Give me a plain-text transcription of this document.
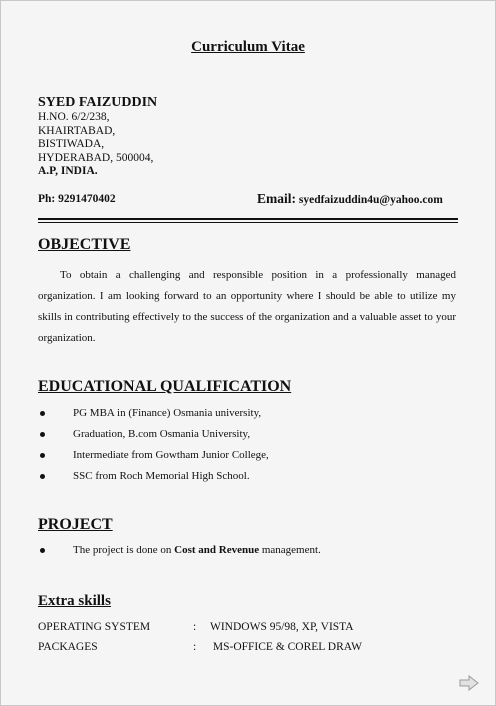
Curriculum Vitae
SYED FAIZUDDIN
H.NO. 6/2/238,
KHAIRTABAD,
BISTIWADA,
HYDERABAD, 500004,
A.P, INDIA.
Ph: 9291470402	Email: syedfaizuddin4u@yahoo.com
OBJECTIVE
To obtain a challenging and responsible position in a professionally managed organization. I am looking forward to an opportunity where I should be able to utilize my skills in contributing effectively to the success of the organization and a valuable asset to your organization.
EDUCATIONAL QUALIFICATION
PG MBA in (Finance) Osmania university,
Graduation, B.com Osmania University,
Intermediate from Gowtham Junior College,
SSC from Roch Memorial High School.
PROJECT
The project is done on Cost and Revenue management.
Extra skills
OPERATING SYSTEM	: WINDOWS 95/98, XP, VISTA
PACKAGES	: MS-OFFICE & COREL DRAW
